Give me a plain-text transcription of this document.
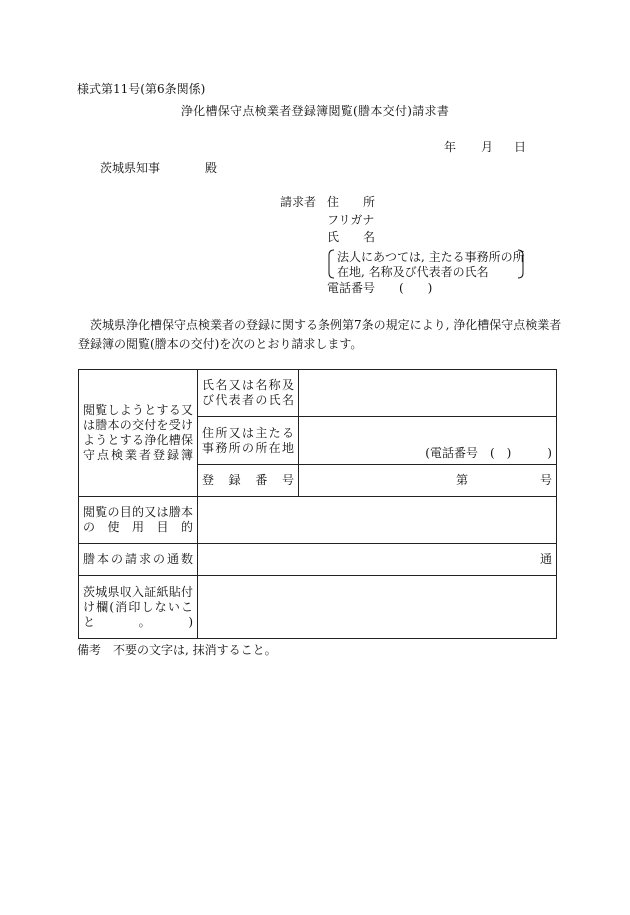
様式第11号(第6条関係)
浄化槽保守点検業者登録簿閲覧(謄本交付)請求書
年 月 日
茨城県知事	殿
請求者 住　　所
フリガナ
氏　　名
法人にあつては, 主たる事務所の所
在地, 名称及び代表者の氏名
電話番号　　(　　)
　茨城県浄化槽保守点検業者の登録に関する条例第7条の規定により, 浄化槽保守点検業者登録簿の閲覧(謄本の交付)を次のとおり請求します。
閲覧しようとする又は謄本の交付を受けようとする浄化槽保守点検業者登録簿	氏名又は名称及び代表者の氏名	
	住所又は主たる事務所の所在地	(電話番号　(　)　　　)

	登録番号	第 号

閲覧の目的又は謄本の使用目的		
謄本の請求の通数	通	
茨城県収入証紙貼付け欄(消印しないこと。)		
備考　不要の文字は, 抹消すること。
